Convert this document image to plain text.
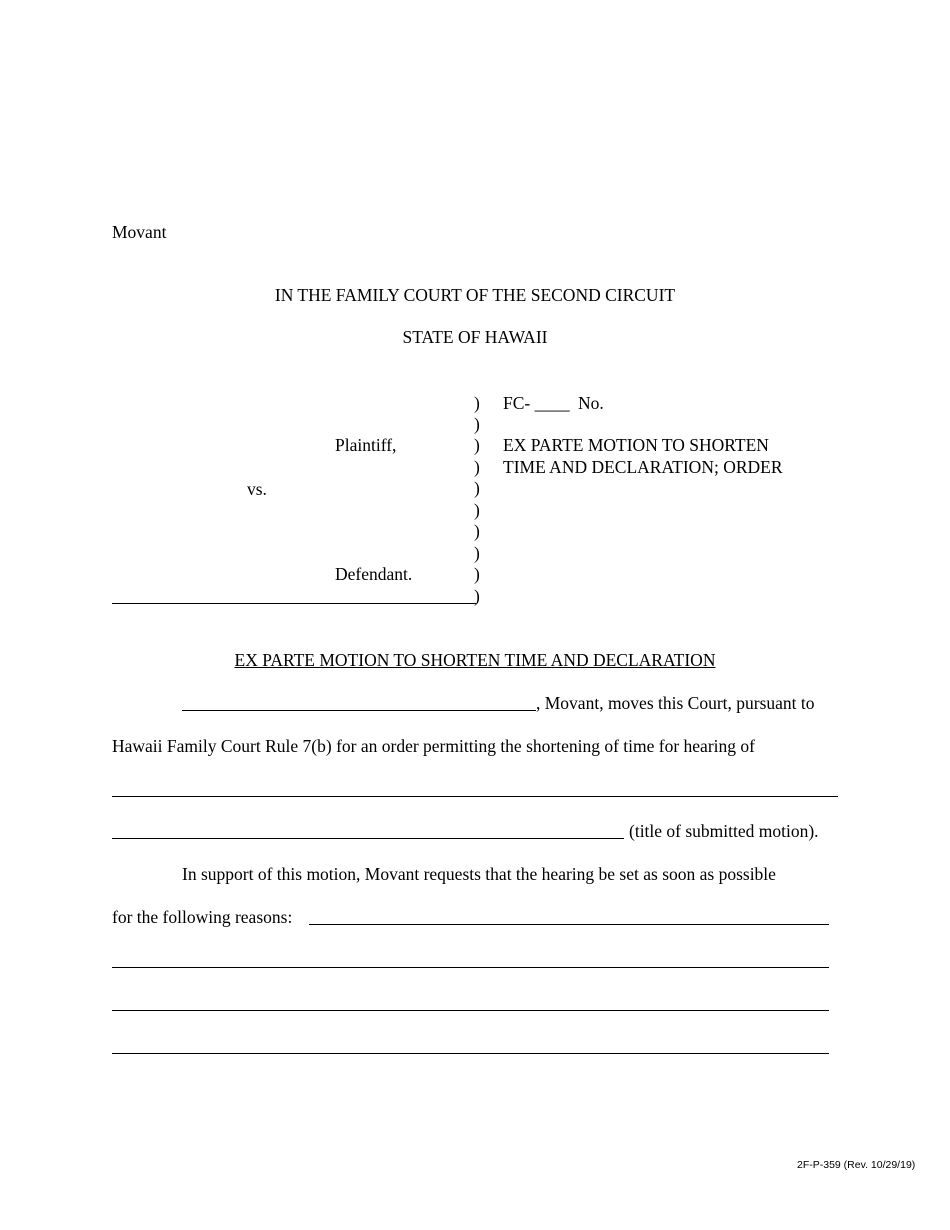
Movant
IN THE FAMILY COURT OF THE SECOND CIRCUIT
STATE OF HAWAII
Plaintiff,
vs.
Defendant.
)
)
)
)
)
)
)
)
)
)
FC- ____ No.
EX PARTE MOTION TO SHORTEN
TIME AND DECLARATION; ORDER
EX PARTE MOTION TO SHORTEN TIME AND DECLARATION
, Movant, moves this Court, pursuant to
Hawaii Family Court Rule 7(b) for an order permitting the shortening of time for hearing of
(title of submitted motion).
In support of this motion, Movant requests that the hearing be set as soon as possible
for the following reasons:
2F-P-359 (Rev. 10/29/19)
